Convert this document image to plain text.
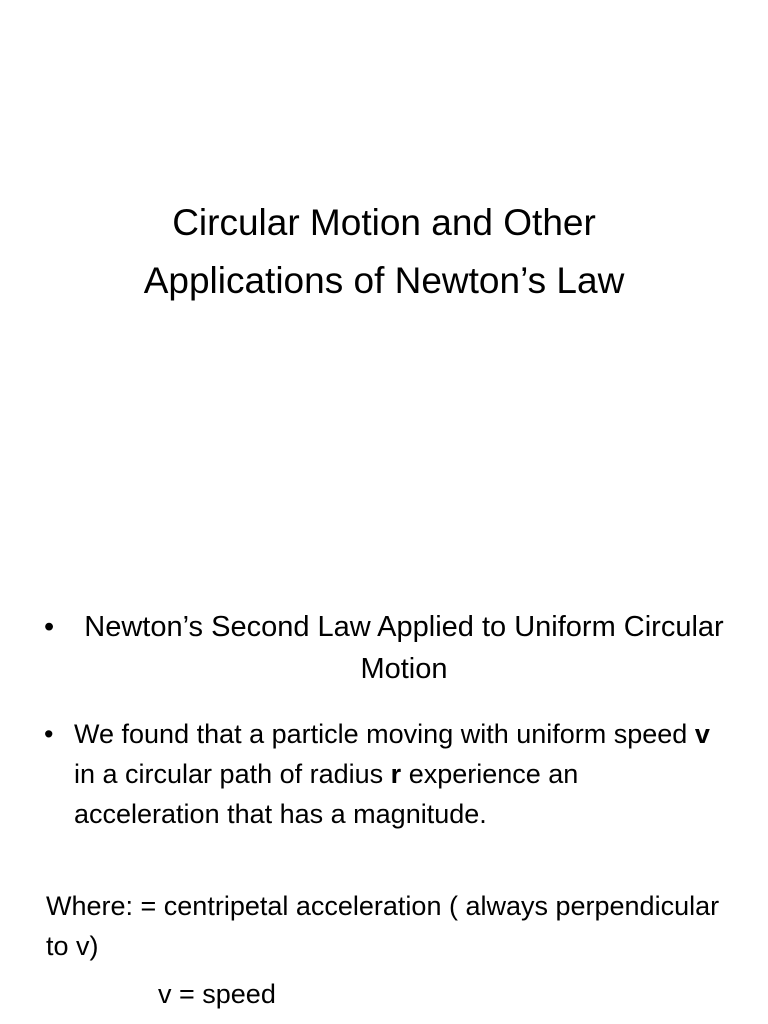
Circular Motion and Other
Applications of Newton’s Law
•	Newton’s Second Law Applied to Uniform Circular Motion
• We found that a particle moving with uniform speed v in a circular path of radius r experience an acceleration that has a magnitude.
Where: = centripetal acceleration ( always perpendicular to v)
v = speed
